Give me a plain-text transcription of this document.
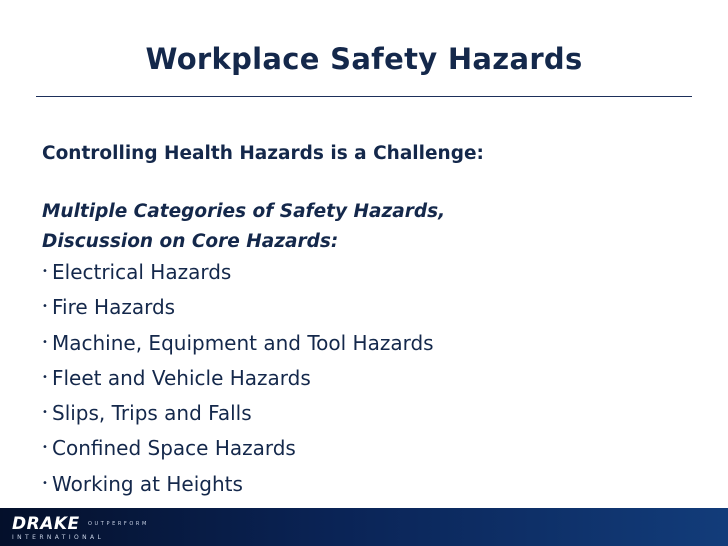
Workplace Safety Hazards
Controlling Health Hazards is a Challenge:
Multiple Categories of Safety Hazards,
Discussion on Core Hazards:
• Electrical Hazards
• Fire Hazards
• Machine, Equipment and Tool Hazards
• Fleet and Vehicle Hazards
• Slips, Trips and Falls
• Confined Space Hazards
• Working at Heights
DRAKE
INTERNATIONAL
OUTPERFORM
